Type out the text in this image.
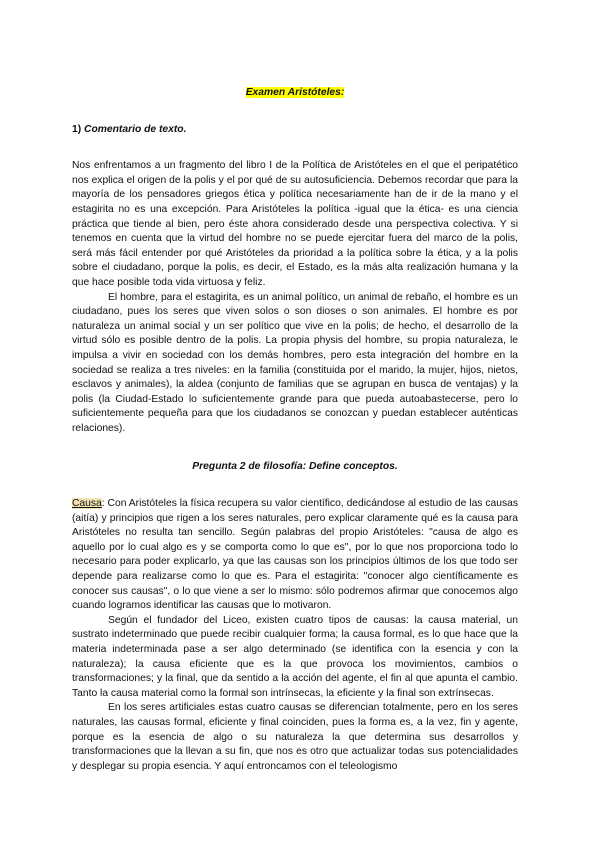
Examen Aristóteles:
1) Comentario de texto.

Nos enfrentamos a un fragmento del libro I de la Política de Aristóteles en el que el peripatético nos explica el origen de la polis y el por qué de su autosuficiencia. Debemos recordar que para la mayoría de los pensadores griegos ética y política necesariamente han de ir de la mano y el estagirita no es una excepción. Para Aristóteles la política -igual que la ética- es una ciencia práctica que tiende al bien, pero éste ahora considerado desde una perspectiva colectiva. Y si tenemos en cuenta que la virtud del hombre no se puede ejercitar fuera del marco de la polis, será más fácil entender por qué Aristóteles da prioridad a la política sobre la ética, y a la polis sobre el ciudadano, porque la polis, es decir, el Estado, es la más alta realización humana y la que hace posible toda vida virtuosa y feliz.

El hombre, para el estagirita, es un animal político, un animal de rebaño, el hombre es un ciudadano, pues los seres que viven solos o son dioses o son animales. El hombre es por naturaleza un animal social y un ser político que vive en la polis; de hecho, el desarrollo de la virtud sólo es posible dentro de la polis. La propia physis del hombre, su propia naturaleza, le impulsa a vivir en sociedad con los demás hombres, pero esta integración del hombre en la sociedad se realiza a tres niveles: en la familia (constituida por el marido, la mujer, hijos, nietos, esclavos y animales), la aldea (conjunto de familias que se agrupan en busca de ventajas) y la polis (la Ciudad-Estado lo suficientemente grande para que pueda autoabastecerse, pero lo suficientemente pequeña para que los ciudadanos se conozcan y puedan establecer auténticas relaciones).

Pregunta 2 de filosofía: Define conceptos.

Causa: Con Aristóteles la física recupera su valor científico, dedicándose al estudio de las causas (aitía) y principios que rigen a los seres naturales, pero explicar claramente qué es la causa para Aristóteles no resulta tan sencillo. Según palabras del propio Aristóteles: "causa de algo es aquello por lo cual algo es y se comporta como lo que es", por lo que nos proporciona todo lo necesario para poder explicarlo, ya que las causas son los principios últimos de los que todo ser depende para realizarse como lo que es. Para el estagirita: "conocer algo científicamente es conocer sus causas", o lo que viene a ser lo mismo: sólo podremos afirmar que conocemos algo cuando logramos identificar las causas que lo motivaron.

Según el fundador del Liceo, existen cuatro tipos de causas: la causa material, un sustrato indeterminado que puede recibir cualquier forma; la causa formal, es lo que hace que la materia indeterminada pase a ser algo determinado (se identifica con la esencia y con la naturaleza); la causa eficiente que es la que provoca los movimientos, cambios o transformaciones; y la final, que da sentido a la acción del agente, el fin al que apunta el cambio. Tanto la causa material como la formal son intrínsecas, la eficiente y la final son extrínsecas.

En los seres artificiales estas cuatro causas se diferencian totalmente, pero en los seres naturales, las causas formal, eficiente y final coinciden, pues la forma es, a la vez, fin y agente, porque es la esencia de algo o su naturaleza la que determina sus desarrollos y transformaciones que la llevan a su fin, que nos es otro que actualizar todas sus potencialidades y desplegar su propia esencia. Y aquí entroncamos con el teleologismo
